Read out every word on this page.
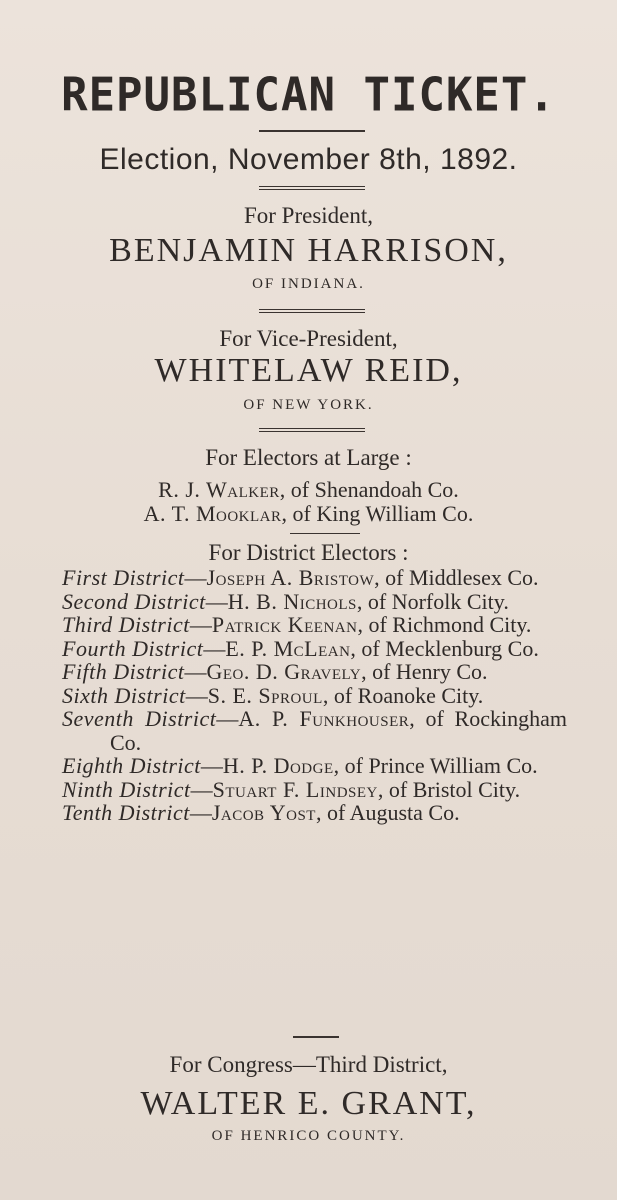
REPUBLICAN TICKET.
Election, November 8th, 1892.
For President,
BENJAMIN HARRISON,
OF INDIANA.
For Vice-President,
WHITELAW REID,
OF NEW YORK.
For Electors at Large :
R. J. Walker, of Shenandoah Co.
A. T. Mooklar, of King William Co.
For District Electors :

First District—Joseph A. Bristow, of Middlesex Co.

Second District—H. B. Nichols, of Norfolk City.

Third District—Patrick Keenan, of Richmond City.

Fourth District—E. P. McLean, of Mecklenburg Co.

Fifth District—Geo. D. Gravely, of Henry Co.

Sixth District—S. E. Sproul, of Roanoke City.

Seventh District—A. P. Funkhouser, of Rockingham Co.

Eighth District—H. P. Dodge, of Prince William Co.

Ninth District—Stuart F. Lindsey, of Bristol City.

Tenth District—Jacob Yost, of Augusta Co.

For Congress—Third District,
WALTER E. GRANT,
OF HENRICO COUNTY.
